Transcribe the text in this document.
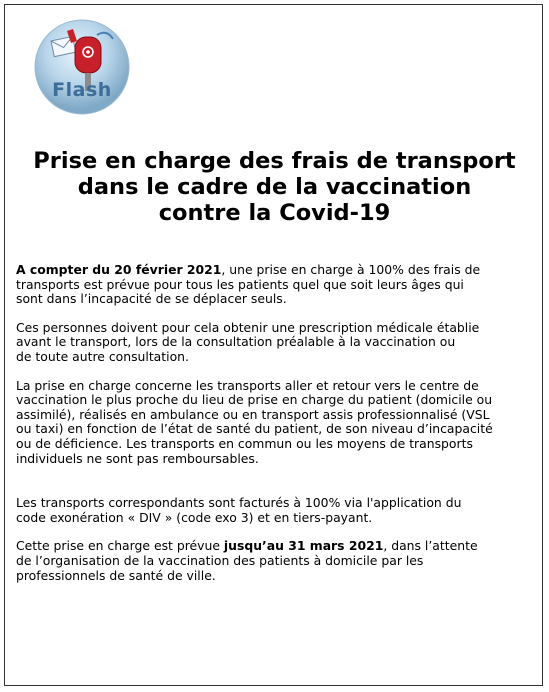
Flash
Prise en charge des frais de transport
dans le cadre de la vaccination
contre la Covid-19

A compter du 20 février 2021, une prise en charge à 100% des frais de
transports est prévue pour tous les patients quel que soit leurs âges qui
sont dans l’incapacité de se déplacer seuls.

Ces personnes doivent pour cela obtenir une prescription médicale établie
avant le transport, lors de la consultation préalable à la vaccination ou
de toute autre consultation.

La prise en charge concerne les transports aller et retour vers le centre de
vaccination le plus proche du lieu de prise en charge du patient (domicile ou
assimilé), réalisés en ambulance ou en transport assis professionnalisé (VSL
ou taxi) en fonction de l’état de santé du patient, de son niveau d’incapacité
ou de déficience. Les transports en commun ou les moyens de transports
individuels ne sont pas remboursables.

Les transports correspondants sont facturés à 100% via l'application du
code exonération « DIV » (code exo 3) et en tiers-payant.

Cette prise en charge est prévue jusqu’au 31 mars 2021, dans l’attente
de l’organisation de la vaccination des patients à domicile par les
professionnels de santé de ville.
